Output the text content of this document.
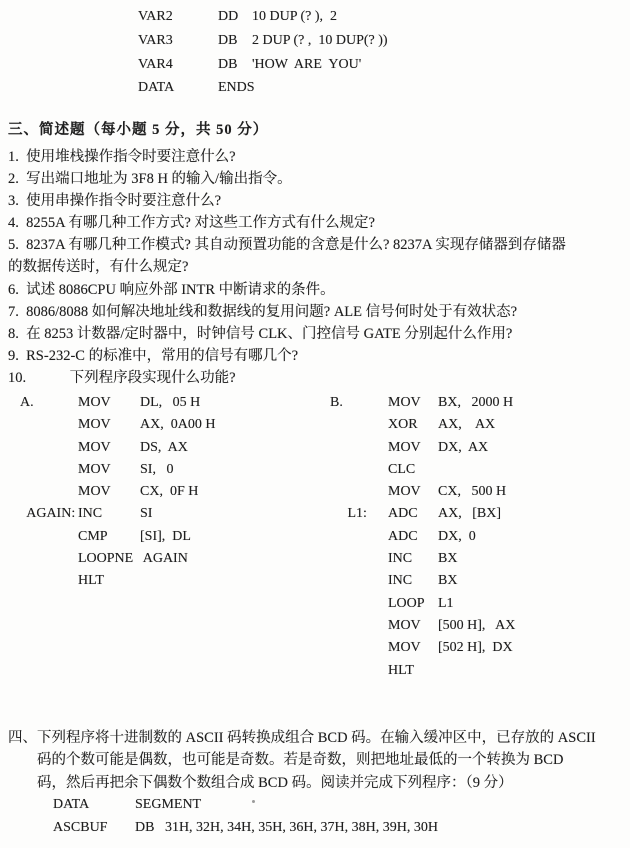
VAR2	DD 10 DUP (? ),  2
VAR3	DB	2 DUP (? ,  10 DUP(? ))
VAR4	DB	'HOW  ARE  YOU'
DATA	ENDS
三、简述题（每小题 5 分，共 50 分）
1.  使用堆栈操作指令时要注意什么?
2.  写出端口地址为 3F8 H 的输入/输出指令。
3.  使用串操作指令时要注意什么?
4.  8255A 有哪几种工作方式? 对这些工作方式有什么规定?
5.  8237A 有哪几种工作模式? 其自动预置功能的含意是什么? 8237A 实现存储器到存储器
的数据传送时，有什么规定?
6.  试述 8086CPU 响应外部 INTR 中断请求的条件。
7.  8086/8088 如何解决地址线和数据线的复用问题? ALE 信号何时处于有效状态?
8.  在 8253 计数器/定时器中，时钟信号 CLK、门控信号 GATE 分别起什么作用?
9.  RS-232-C 的标准中，常用的信号有哪几个?
10.            下列程序段实现什么功能?
A.	MOV	DL,   05 H
MOV	AX,  0A00 H
MOV	DS,  AX
MOV	SI,   0
MOV	CX,  0F H
AGAIN: INC	SI
CMP	[SI],  DL
LOOPNE AGAIN
HLT
B.	MOV	BX,   2000 H
XOR	AX,    AX
MOV	DX,  AX
CLC
MOV	CX,   500 H
L1:	ADC	AX,   [BX]
ADC	DX,  0
INC	BX
INC	BX
LOOP L1
MOV	[500 H],   AX
MOV	[502 H],  DX
HLT
四、下列程序将十进制数的 ASCII 码转换成组合 BCD 码。在输入缓冲区中，已存放的 ASCII
码的个数可能是偶数，也可能是奇数。若是奇数，则把地址最低的一个转换为 BCD
码，然后再把余下偶数个数组合成 BCD 码。阅读并完成下列程序：（9 分）
DATA	SEGMENT
ASCBUF	DB   31H, 32H, 34H, 35H, 36H, 37H, 38H, 39H, 30H
